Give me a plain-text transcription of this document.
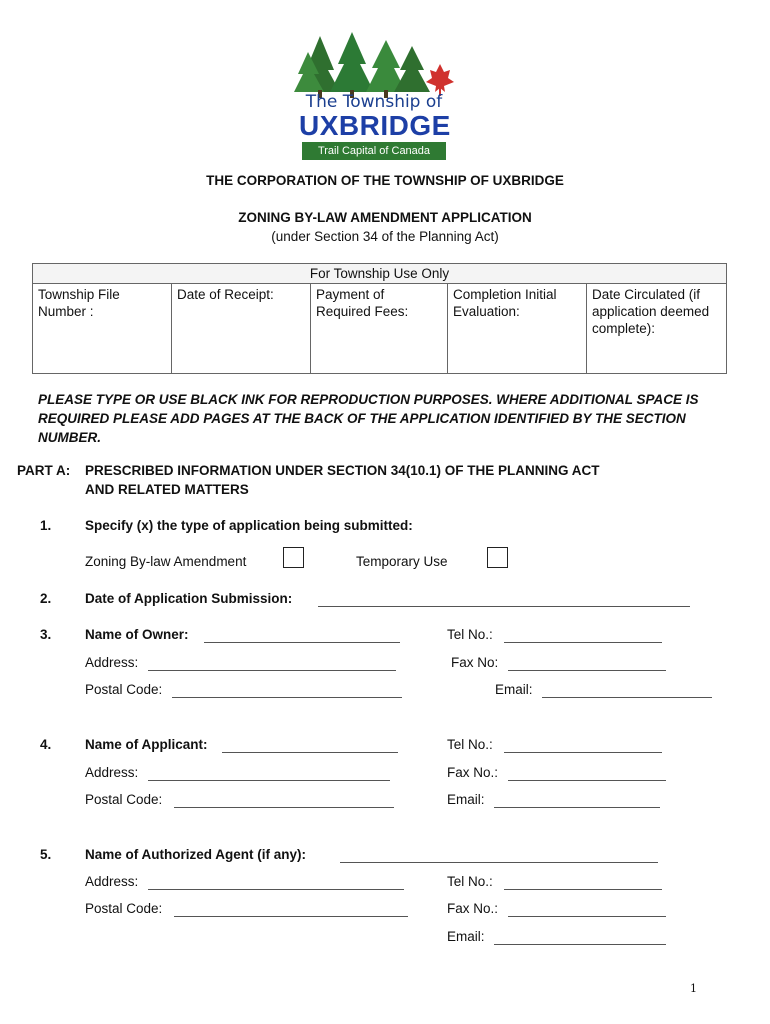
The Township of
UXBRIDGE
Trail Capital of Canada
THE CORPORATION OF THE TOWNSHIP OF UXBRIDGE
ZONING BY-LAW AMENDMENT APPLICATION
(under Section 34 of the Planning Act)
For Township Use Only
Township File Number :	Date of Receipt:	Payment of Required Fees:	Completion Initial Evaluation:	Date Circulated (if application deemed complete):
PLEASE TYPE OR USE BLACK INK FOR REPRODUCTION PURPOSES. WHERE ADDITIONAL SPACE IS REQUIRED PLEASE ADD PAGES AT THE BACK OF THE APPLICATION IDENTIFIED BY THE SECTION NUMBER.
PART A: PRESCRIBED INFORMATION UNDER SECTION 34(10.1) OF THE PLANNING ACT
AND RELATED MATTERS
1. Specify (x) the type of application being submitted:
Zoning By-law Amendment	Temporary Use
2. Date of Application Submission:
3. Name of Owner:	Tel No.:
Address:	Fax No:
Postal Code:	Email:
4. Name of Applicant:	Tel No.:
Address:	Fax No.:
Postal Code:	Email:
5. Name of Authorized Agent (if any):
Address:	Tel No.:
Postal Code:	Fax No.:
Email:
1
